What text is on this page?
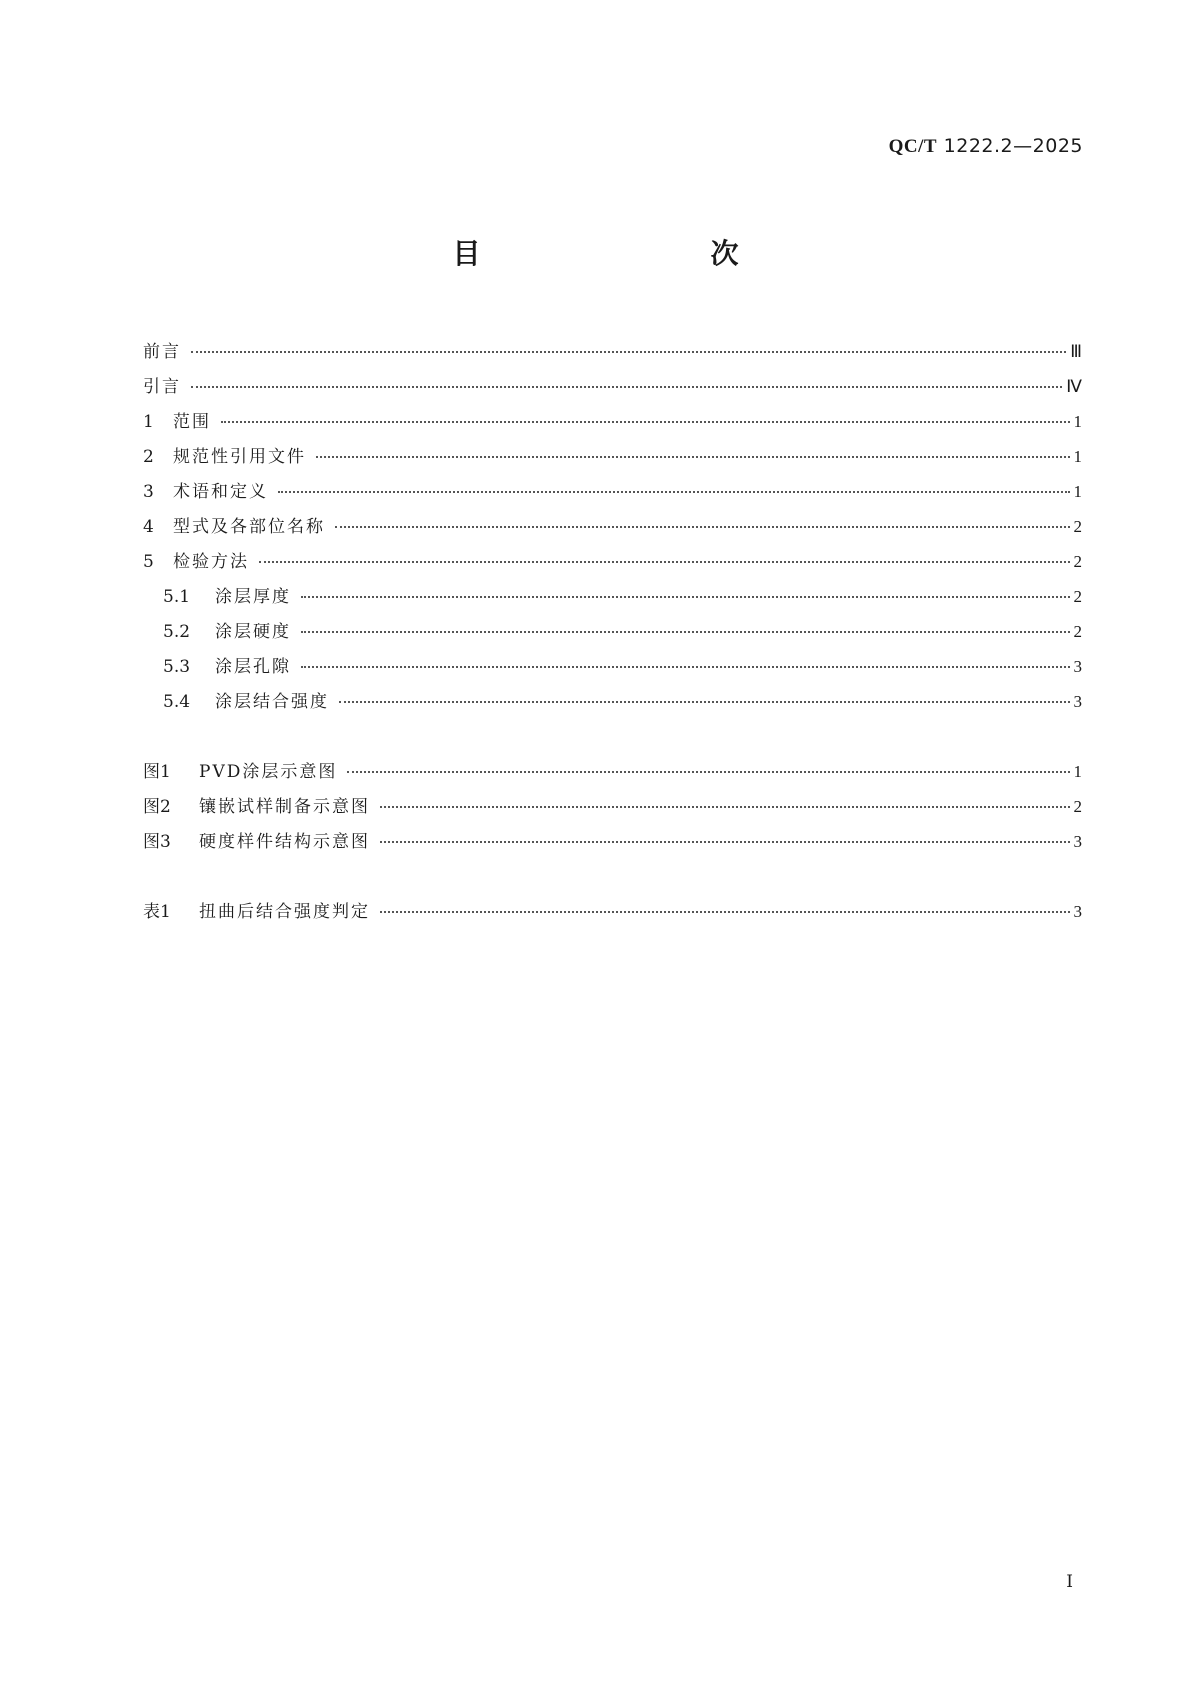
QC/T 1222.2—2025
目　　次
前言	Ⅲ
引言	Ⅳ
1 范围	1
2 规范性引用文件	1
3 术语和定义	1
4 型式及各部位名称	2
5 检验方法	2
5.1 涂层厚度	2
5.2 涂层硬度	2
5.3 涂层孔隙	3
5.4 涂层结合强度	3
图1 PVD涂层示意图	1
图2 镶嵌试样制备示意图	2
图3 硬度样件结构示意图	3
表1 扭曲后结合强度判定	3
Ⅰ
